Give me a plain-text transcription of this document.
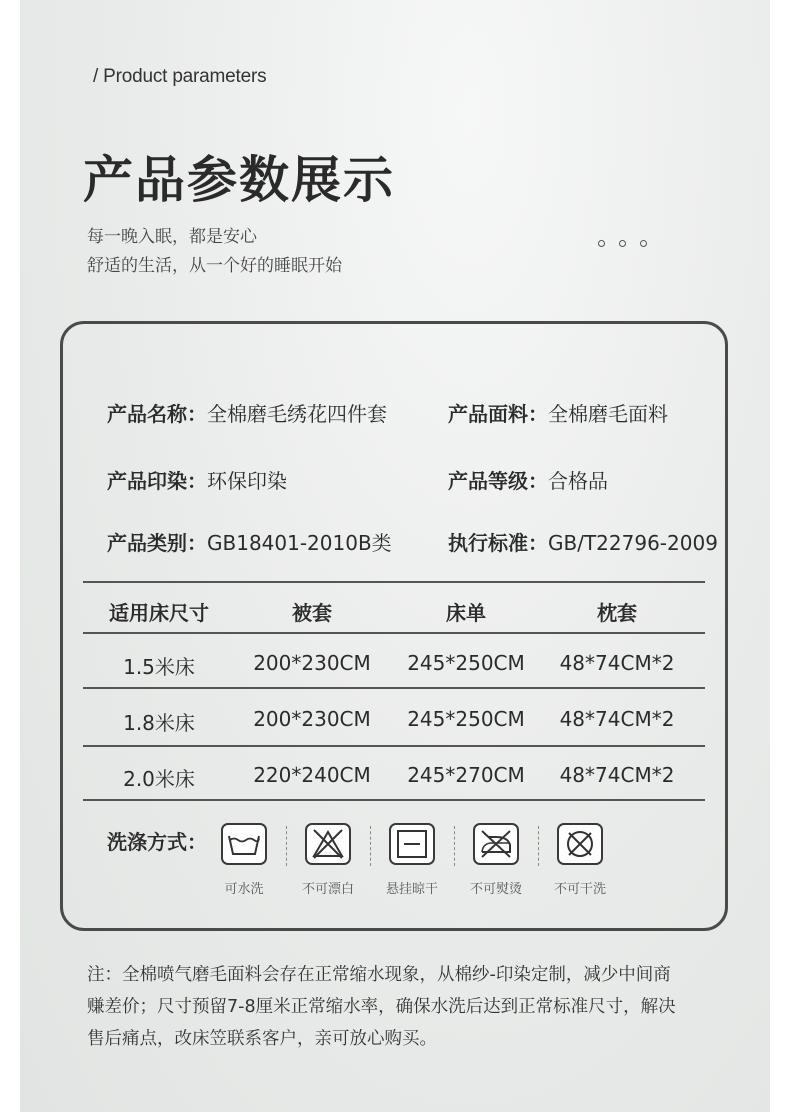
/ Product parameters
产品参数展示
每一晚入眠，都是安心
舒适的生活，从一个好的睡眠开始
产品名称：全棉磨毛绣花四件套	产品面料：全棉磨毛面料
产品印染：环保印染	产品等级：合格品
产品类别：GB18401-2010B类	执行标准：GB/T22796-2009
适用床尺寸	被套	床单	枕套
1.5米床	200*230CM	245*250CM	48*74CM*2
1.8米床	200*230CM	245*250CM	48*74CM*2
2.0米床	220*240CM	245*270CM	48*74CM*2
洗涤方式：
可水洗	不可漂白	悬挂晾干	不可熨烫	不可干洗
注：全棉喷气磨毛面料会存在正常缩水现象，从棉纱-印染定制，减少中间商
赚差价；尺寸预留7-8厘米正常缩水率，确保水洗后达到正常标准尺寸，解决
售后痛点，改床笠联系客户，亲可放心购买。
